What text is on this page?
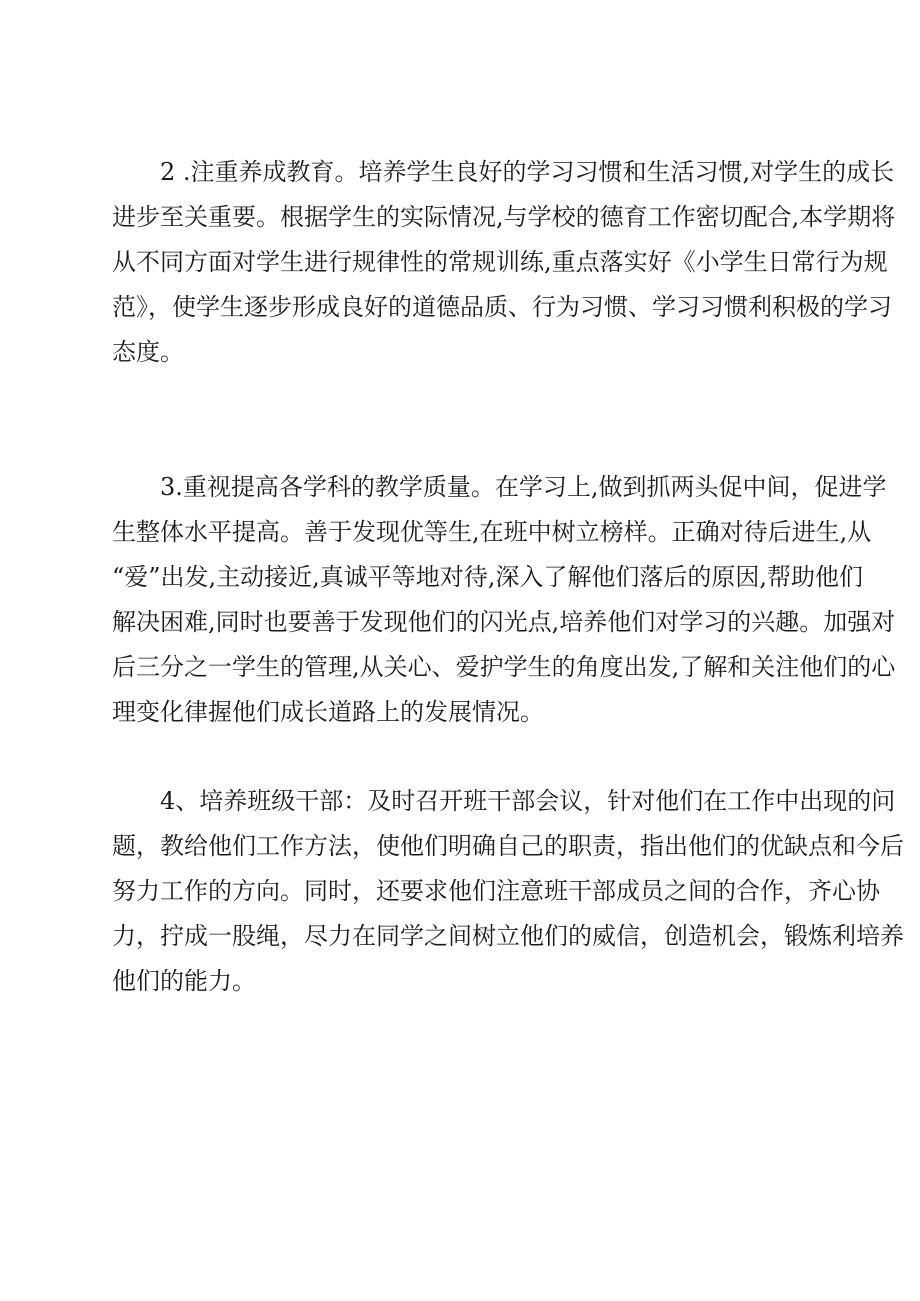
　　2 .注重养成教育。培养学生良好的学习习惯和生活习惯,对学生的成长
进步至关重要。根据学生的实际情况,与学校的德育工作密切配合,本学期将
从不同方面对学生进行规律性的常规训练,重点落实好《小学生日常行为规
范》，使学生逐步形成良好的道德品质、行为习惯、学习习惯利积极的学习
态度。

　　3.重视提高各学科的教学质量。在学习上,做到抓两头促中间，促进学
生整体水平提高。善于发现优等生,在班中树立榜样。正确对待后进生,从
“爱”出发,主动接近,真诚平等地对待,深入了解他们落后的原因,帮助他们
解决困难,同时也要善于发现他们的闪光点,培养他们对学习的兴趣。加强对
后三分之一学生的管理,从关心、爱护学生的角度出发,了解和关注他们的心
理变化律握他们成长道路上的发展情况。

　　4、培养班级干部：及时召开班干部会议，针对他们在工作中出现的问
题，教给他们工作方法，使他们明确自己的职责，指出他们的优缺点和今后
努力工作的方向。同时，还要求他们注意班干部成员之间的合作，齐心协
力，拧成一股绳，尽力在同学之间树立他们的威信，创造机会，锻炼利培养
他们的能力。
